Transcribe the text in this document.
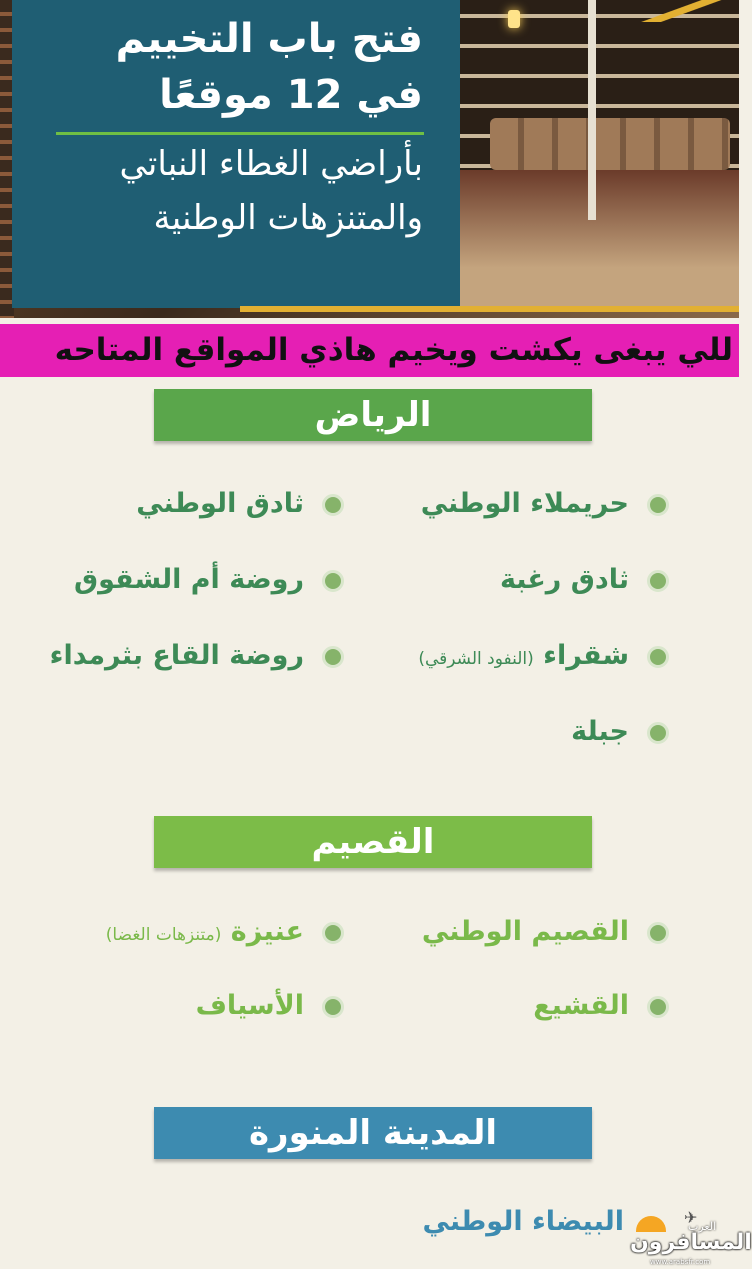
فتح باب التخييم
في 12 موقعًا
بأراضي الغطاء النباتي
والمتنزهات الوطنية
للي يبغى يكشت ويخيم هاذي المواقع المتاحه
الرياض
حريملاء الوطني
ثادق الوطني
ثادق رغبة
روضة أم الشقوق
شقراء (النفود الشرقي)
روضة القاع بثرمداء
جبلة
القصيم
القصيم الوطني
عنيزة (متنزهات الغضا)
القشيع
الأسياف
المدينة المنورة
البيضاء الوطني	✈
العرب
المسافرون
www.arabsfr.com
